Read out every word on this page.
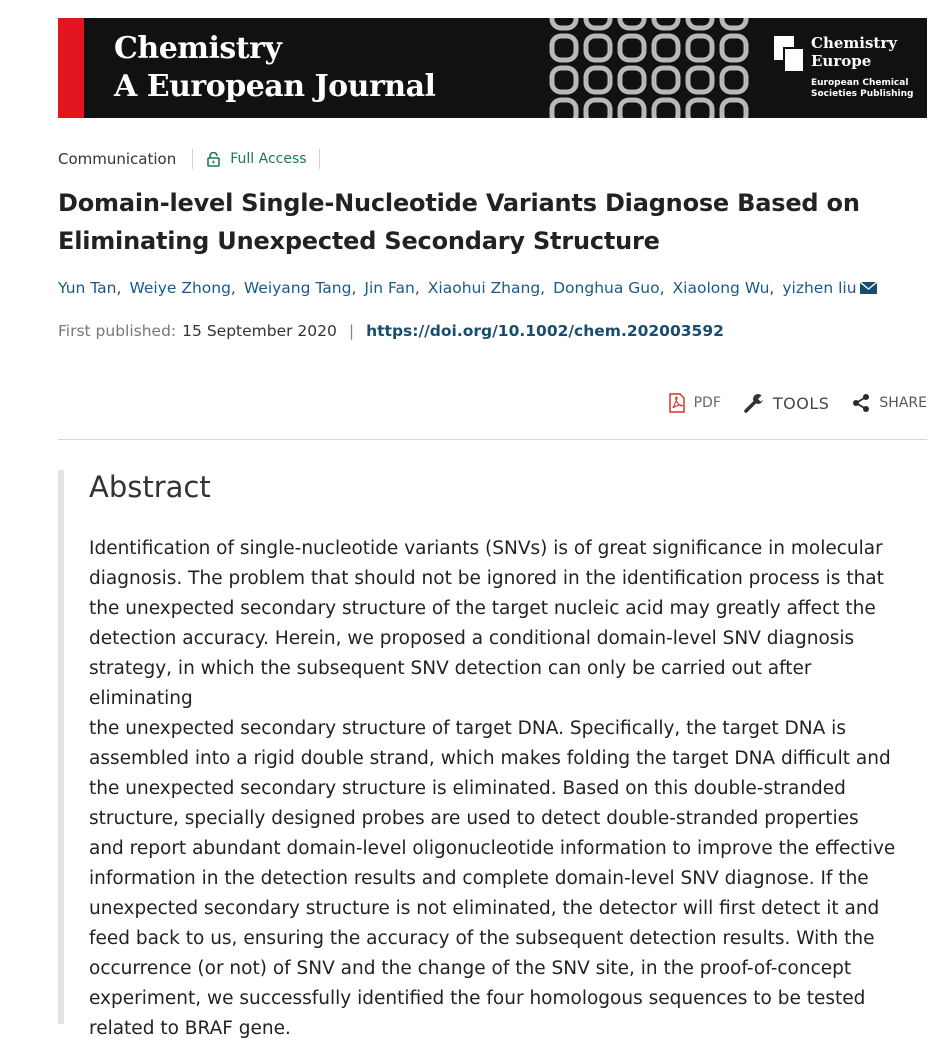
Chemistry
A European Journal
Chemistry
Europe
European Chemical
Societies Publishing
Communication	Full Access
Domain-level Single-Nucleotide Variants Diagnose Based on Eliminating Unexpected Secondary Structure
Yun Tan , Weiye Zhong , Weiyang Tang , Jin Fan , Xiaohui Zhang , Donghua Guo , Xiaolong Wu , yizhen liu
First published: 15 September 2020 | https://doi.org/10.1002/chem.202003592
PDF	TOOLS	SHARE
Abstract
Identification of single-nucleotide variants (SNVs) is of great significance in molecular
diagnosis. The problem that should not be ignored in the identification process is that
the unexpected secondary structure of the target nucleic acid may greatly affect the
detection accuracy. Herein, we proposed a conditional domain-level SNV diagnosis
strategy, in which the subsequent SNV detection can only be carried out after eliminating
the unexpected secondary structure of target DNA. Specifically, the target DNA is
assembled into a rigid double strand, which makes folding the target DNA difficult and
the unexpected secondary structure is eliminated. Based on this double-stranded
structure, specially designed probes are used to detect double-stranded properties
and report abundant domain-level oligonucleotide information to improve the effective
information in the detection results and complete domain-level SNV diagnose. If the
unexpected secondary structure is not eliminated, the detector will first detect it and
feed back to us, ensuring the accuracy of the subsequent detection results. With the
occurrence (or not) of SNV and the change of the SNV site, in the proof-of-concept
experiment, we successfully identified the four homologous sequences to be tested
related to BRAF gene.
